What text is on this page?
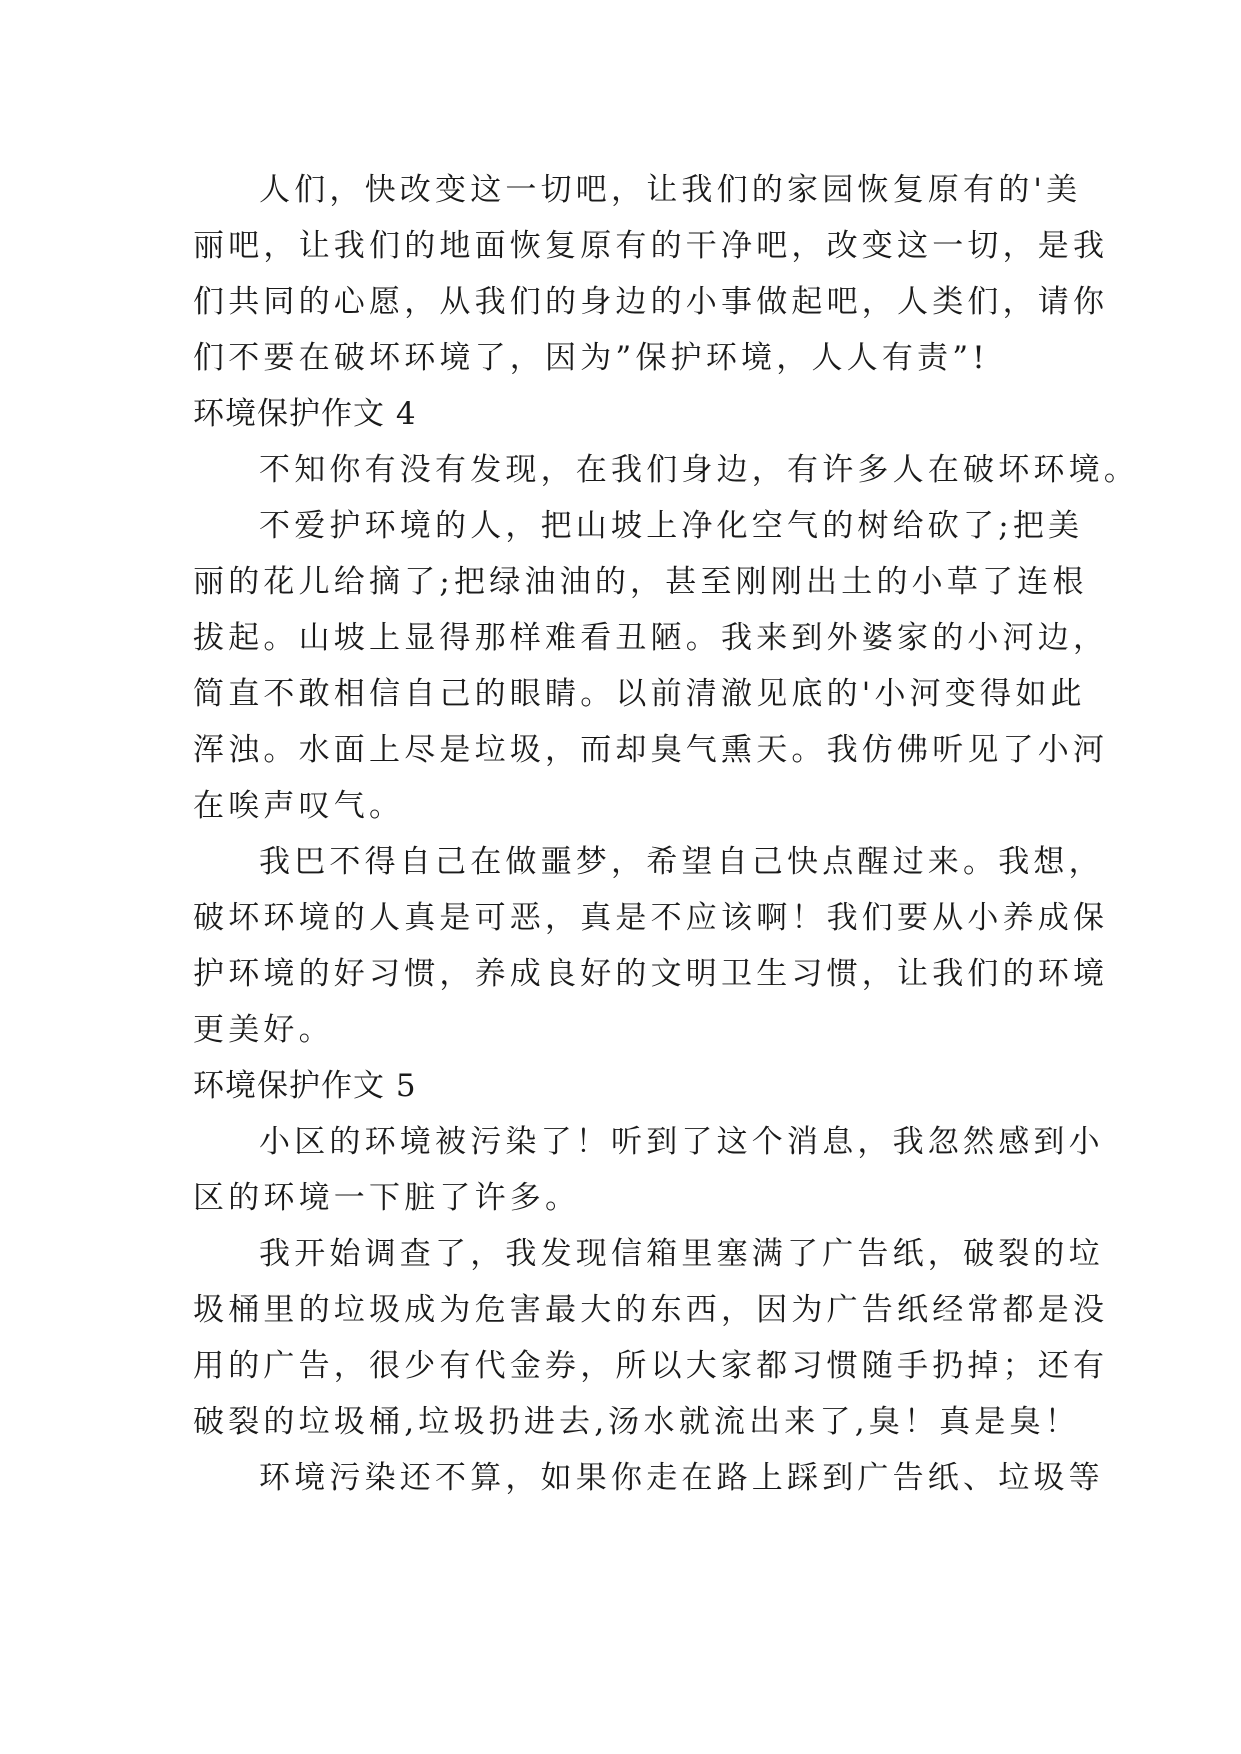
人们，快改变这一切吧，让我们的家园恢复原有的'美
丽吧，让我们的地面恢复原有的干净吧，改变这一切，是我
们共同的心愿，从我们的身边的小事做起吧，人类们，请你
们不要在破坏环境了，因为”保护环境，人人有责”!
环境保护作文 4
不知你有没有发现，在我们身边，有许多人在破坏环境。
不爱护环境的人，把山坡上净化空气的树给砍了;把美
丽的花儿给摘了;把绿油油的，甚至刚刚出土的小草了连根
拔起。山坡上显得那样难看丑陋。我来到外婆家的小河边，
简直不敢相信自己的眼睛。以前清澈见底的'小河变得如此
浑浊。水面上尽是垃圾，而却臭气熏天。我仿佛听见了小河
在唉声叹气。
我巴不得自己在做噩梦，希望自己快点醒过来。我想，
破坏环境的人真是可恶，真是不应该啊！我们要从小养成保
护环境的好习惯，养成良好的文明卫生习惯，让我们的环境
更美好。
环境保护作文 5
小区的环境被污染了！听到了这个消息，我忽然感到小
区的环境一下脏了许多。
我开始调查了，我发现信箱里塞满了广告纸，破裂的垃
圾桶里的垃圾成为危害最大的东西，因为广告纸经常都是没
用的广告，很少有代金券，所以大家都习惯随手扔掉；还有
破裂的垃圾桶,垃圾扔进去,汤水就流出来了,臭！真是臭！
环境污染还不算，如果你走在路上踩到广告纸、垃圾等
